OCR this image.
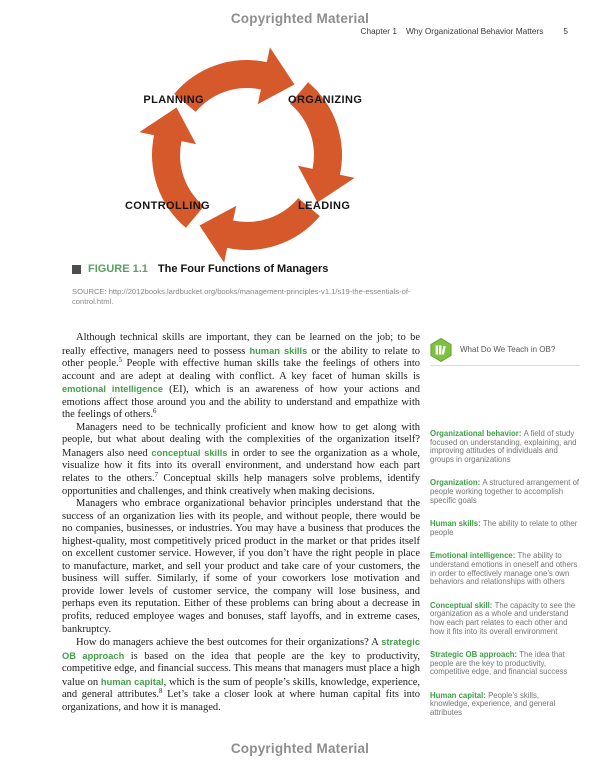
Copyrighted Material
Chapter 1 Why Organizational Behavior Matters 5
PLANNING	ORGANIZING
CONTROLLING	LEADING
FIGURE 1.1 The Four Functions of Managers
SOURCE: http://2012books.lardbucket.org/books/management-principles-v1.1/s19-the-essentials-of-
control.html.

Although technical skills are important, they can be learned on the job; to be really effective, managers need to possess human skills or the ability to relate to other people.$^5$ People with effective human skills take the feelings of others into account and are adept at dealing with conflict. A key facet of human skills is emotional intelligence (EI), which is an awareness of how your actions and emotions affect those around you and the ability to understand and empathize with the feelings of others.$^6$

Managers need to be technically proficient and know how to get along with people, but what about dealing with the complexities of the organization itself? Managers also need conceptual skills in order to see the organization as a whole, visualize how it fits into its overall environment, and understand how each part relates to the others.$^7$ Conceptual skills help managers solve problems, identify opportunities and challenges, and think creatively when making decisions.

Managers who embrace organizational behavior principles understand that the success of an organization lies with its people, and without people, there would be no companies, businesses, or industries. You may have a business that produces the highest-quality, most competitively priced product in the market or that prides itself on excellent customer service. However, if you don’t have the right people in place to manufacture, market, and sell your product and take care of your customers, the business will suffer. Similarly, if some of your coworkers lose motivation and provide lower levels of customer service, the company will lose business, and perhaps even its reputation. Either of these problems can bring about a decrease in profits, reduced employee wages and bonuses, staff layoffs, and in extreme cases, bankruptcy.

How do managers achieve the best outcomes for their organizations? A strategic OB approach is based on the idea that people are the key to productivity, competitive edge, and financial success. This means that managers must place a high value on human capital, which is the sum of people’s skills, knowledge, experience, and general attributes.$^8$ Let’s take a closer look at where human capital fits into organizations, and how it is managed.

What Do We Teach in OB?
Organizational behavior: A field of study focused on understanding, explaining, and improving attitudes of individuals and groups in organizations
Organization: A structured arrangement of people working together to accomplish specific goals
Human skills: The ability to relate to other people
Emotional intelligence: The ability to understand emotions in oneself and others in order to effectively manage one’s own behaviors and relationships with others
Conceptual skill: The capacity to see the organization as a whole and understand how each part relates to each other and how it fits into its overall environment
Strategic OB approach: The idea that people are the key to productivity, competitive edge, and financial success
Human capital: People’s skills, knowledge, experience, and general attributes
Copyrighted Material
